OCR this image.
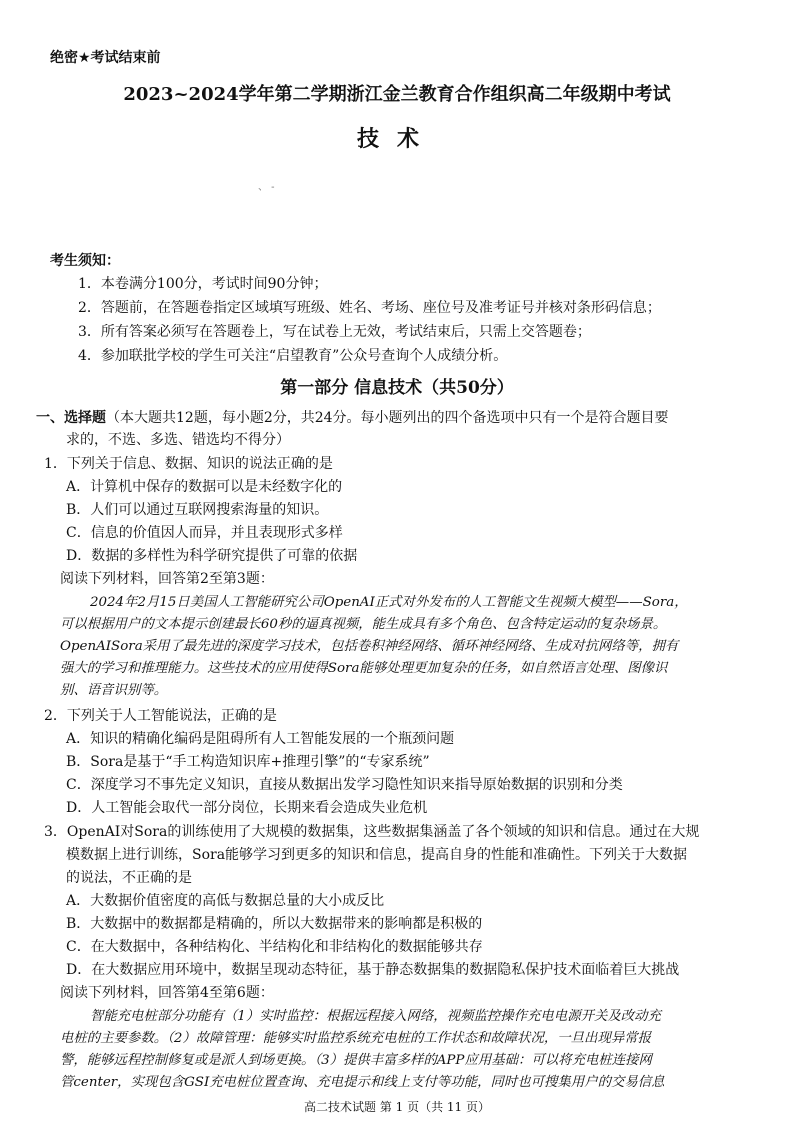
绝密★考试结束前
2023~2024学年第二学期浙江金兰教育合作组织高二年级期中考试
技术
、 -
考生须知：
1．本卷满分100分，考试时间90分钟；
2．答题前，在答题卷指定区域填写班级、姓名、考场、座位号及准考证号并核对条形码信息；
3．所有答案必须写在答题卷上，写在试卷上无效，考试结束后，只需上交答题卷；
4．参加联批学校的学生可关注“启望教育”公众号查询个人成绩分析。
第一部分 信息技术（共50分）
一、选择题（本大题共12题，每小题2分，共24分。每小题列出的四个备选项中只有一个是符合题目要
求的，不选、多选、错选均不得分）
1．下列关于信息、数据、知识的说法正确的是
A．计算机中保存的数据可以是未经数字化的
B．人们可以通过互联网搜索海量的知识。
C．信息的价值因人而异，并且表现形式多样
D．数据的多样性为科学研究提供了可靠的依据
阅读下列材料，回答第2至第3题：
2024年2月15日美国人工智能研究公司OpenAI正式对外发布的人工智能文生视频大模型——Sora，
可以根据用户的文本提示创建最长60秒的逼真视频，能生成具有多个角色、包含特定运动的复杂场景。
OpenAISora采用了最先进的深度学习技术，包括卷积神经网络、循环神经网络、生成对抗网络等，拥有
强大的学习和推理能力。这些技术的应用使得Sora能够处理更加复杂的任务，如自然语言处理、图像识
别、语音识别等。
2．下列关于人工智能说法，正确的是
A．知识的精确化编码是阻碍所有人工智能发展的一个瓶颈问题
B．Sora是基于“手工构造知识库+推理引擎”的“专家系统”
C．深度学习不事先定义知识，直接从数据出发学习隐性知识来指导原始数据的识别和分类
D．人工智能会取代一部分岗位，长期来看会造成失业危机
3．OpenAI对Sora的训练使用了大规模的数据集，这些数据集涵盖了各个领域的知识和信息。通过在大规
模数据上进行训练，Sora能够学习到更多的知识和信息，提高自身的性能和准确性。下列关于大数据
的说法，不正确的是
A．大数据价值密度的高低与数据总量的大小成反比
B．大数据中的数据都是精确的，所以大数据带来的影响都是积极的
C．在大数据中，各种结构化、半结构化和非结构化的数据能够共存
D．在大数据应用环境中，数据呈现动态特征，基于静态数据集的数据隐私保护技术面临着巨大挑战
阅读下列材料，回答第4至第6题：
智能充电桩部分功能有（1）实时监控：根据远程接入网络，视频监控操作充电电源开关及改动充
电桩的主要参数。（2）故障管理：能够实时监控系统充电桩的工作状态和故障状况，一旦出现异常报
警，能够远程控制修复或是派人到场更换。（3）提供丰富多样的APP应用基础：可以将充电桩连接网
管center，实现包含GSI充电桩位置查询、充电提示和线上支付等功能，同时也可搜集用户的交易信息
高二技术试题 第 1 页（共 11 页）
